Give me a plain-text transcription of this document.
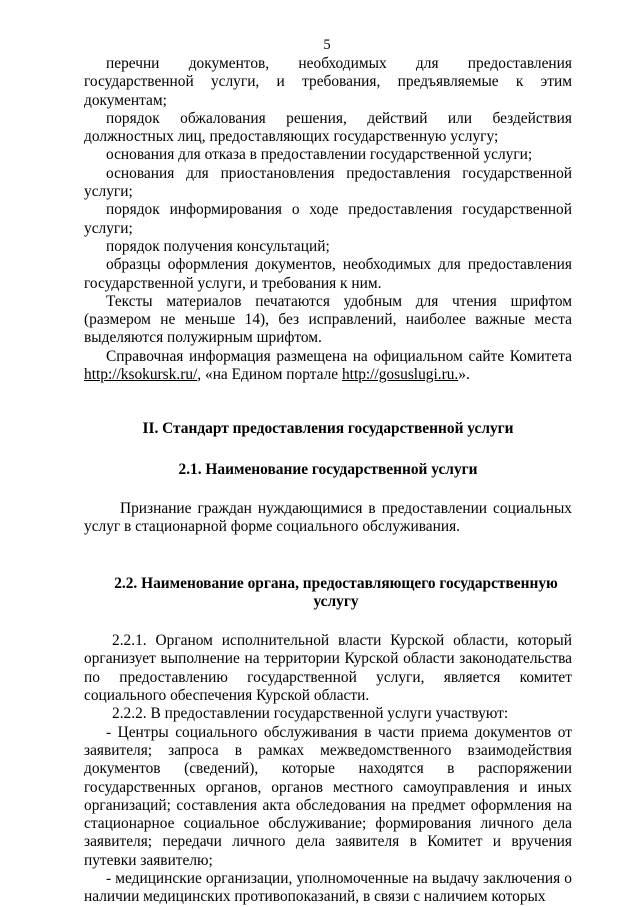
5

перечни документов, необходимых для предоставления государственной услуги, и требования, предъявляемые к этим документам;

порядок обжалования решения, действий или бездействия должностных лиц, предоставляющих государственную услугу;

основания для отказа в предоставлении государственной услуги;

основания для приостановления предоставления государственной услуги;

порядок информирования о ходе предоставления государственной услуги;

порядок получения консультаций;

образцы оформления документов, необходимых для предоставления государственной услуги, и требования к ним.

Тексты материалов печатаются удобным для чтения шрифтом (размером не меньше 14), без исправлений, наиболее важные места выделяются полужирным шрифтом.

Справочная информация размещена на официальном сайте Комитета http://ksokursk.ru/, «на Едином портале http://gosuslugi.ru.».

II. Стандарт предоставления государственной услуги
2.1. Наименование государственной услуги

Признание граждан нуждающимися в предоставлении социальных услуг в стационарной форме социального обслуживания.

2.2. Наименование органа, предоставляющего государственную услугу

2.2.1. Органом исполнительной власти Курской области, который организует выполнение на территории Курской области законодательства по предоставлению государственной услуги, является комитет социального обеспечения Курской области.

2.2.2. В предоставлении государственной услуги участвуют:

- Центры социального обслуживания в части приема документов от заявителя; запроса в рамках межведомственного взаимодействия документов (сведений), которые находятся в распоряжении государственных органов, органов местного самоуправления и иных организаций; составления акта обследования на предмет оформления на стационарное социальное обслуживание; формирования личного дела заявителя; передачи личного дела заявителя в Комитет и вручения путевки заявителю;

- медицинские организации, уполномоченные на выдачу заключения о наличии медицинских противопоказаний, в связи с наличием которых
